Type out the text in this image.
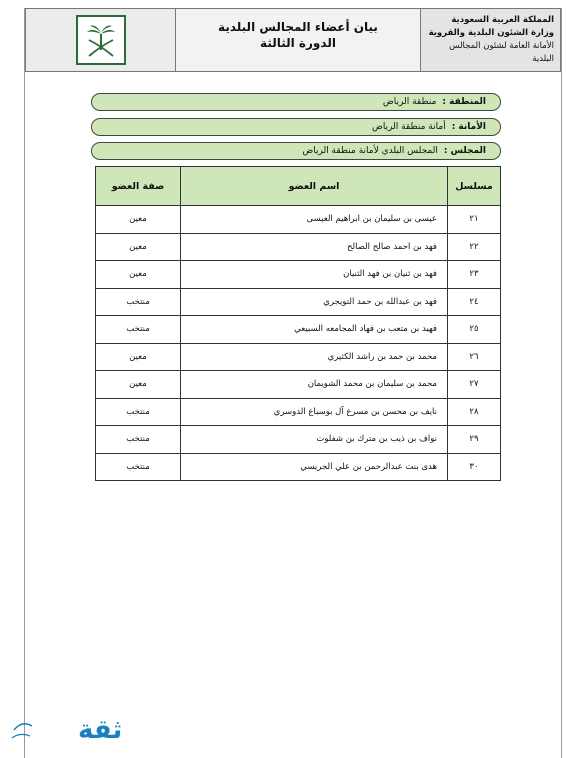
بيان أعضاء المجالس البلدية
الدورة الثالثة
المملكة العربية السعودية
وزارة الشئون البلدية والقروية
الأمانة العامة لشئون المجالس البلدية
المنطقة :منطقة الرياض
الأمانة :أمانة منطقة الرياض
المجلس :المجلس البلدي لأمانة منطقة الرياض
مسلسل	اسم العضو	صفة العضو
٢١	عيسى بن سليمان بن ابراهيم العيسى	معين
٢٢	فهد بن احمد صالح الصالح	معين
٢٣	فهد بن ثنيان بن فهد الثنيان	معين
٢٤	فهد بن عبدالله بن حمد التويجري	منتخب
٢٥	فهيد بن متعب بن فهاد المجامعه السبيعي	منتخب
٢٦	محمد بن حمد بن راشد الكثيري	معين
٢٧	محمد بن سليمان بن محمد الشويمان	معين
٢٨	نايف بن محسن بن مسرع آل بوسباع الدوسري	منتخب
٢٩	نواف بن ذيب بن مترك بن شفلوت	منتخب
٣٠	هدى بنت عبدالرحمن بن علي الجريسي	منتخب
ثقة
